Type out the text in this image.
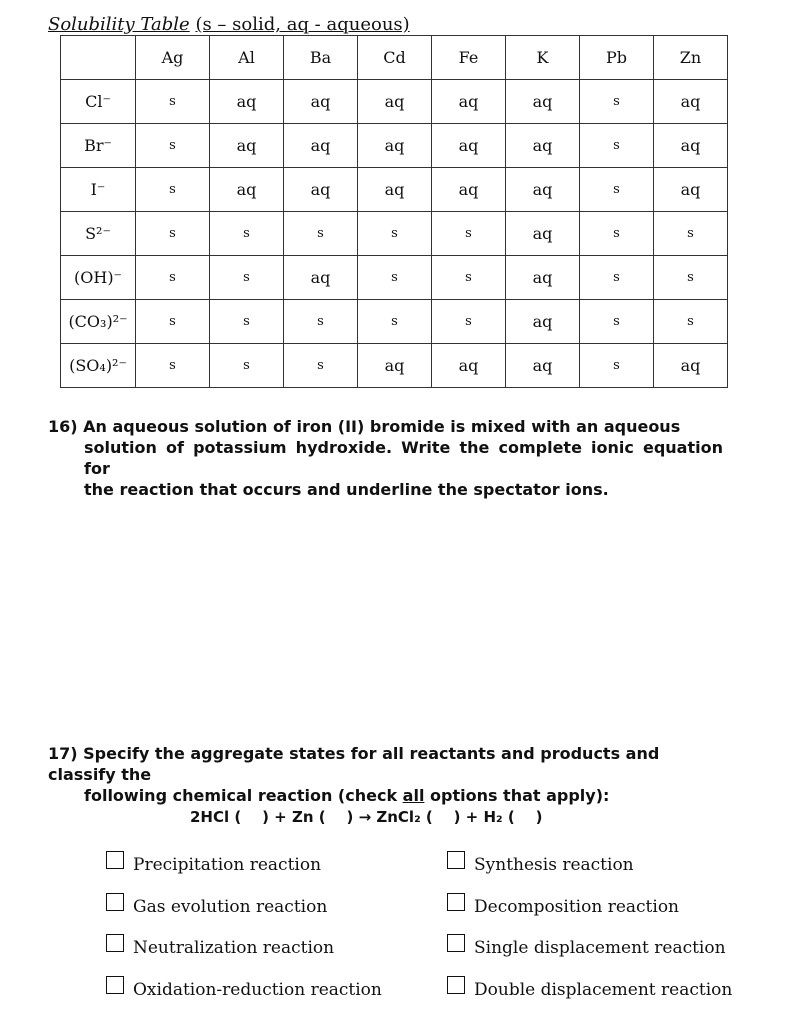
Solubility Table (s – solid, aq - aqueous)
	Ag	Al	Ba	Cd	Fe	K	Pb	Zn
Cl⁻	s	aq	aq	aq	aq	aq	s	aq
Br⁻	s	aq	aq	aq	aq	aq	s	aq
I⁻	s	aq	aq	aq	aq	aq	s	aq
S²⁻	s	s	s	s	s	aq	s	s
(OH)⁻	s	s	aq	s	s	aq	s	s
(CO₃)²⁻	s	s	s	s	s	aq	s	s
(SO₄)²⁻	s	s	s	aq	aq	aq	s	aq
16) An aqueous solution of iron (II) bromide is mixed with an aqueous
solution of potassium hydroxide. Write the complete ionic equation for
the reaction that occurs and underline the spectator ions.
17) Specify the aggregate states for all reactants and products and classify the
following chemical reaction (check all options that apply):
2HCl (    ) + Zn (    ) → ZnCl₂ (    ) + H₂ (    )
Precipitation reaction
Gas evolution reaction
Neutralization reaction
Oxidation-reduction reaction
Synthesis reaction
Decomposition reaction
Single displacement reaction
Double displacement reaction
